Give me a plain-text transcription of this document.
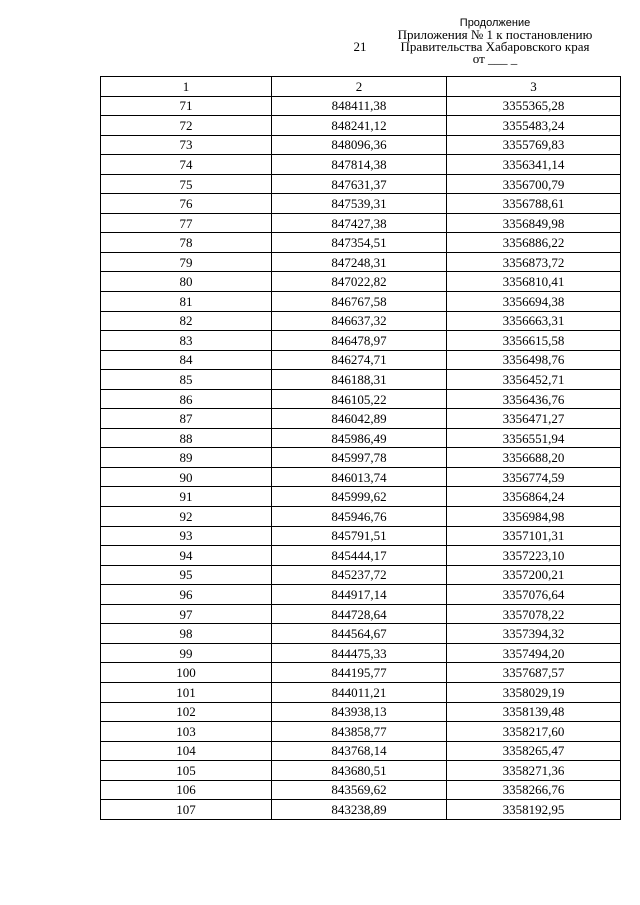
21
Продолжение
Приложения № 1 к постановлению
Правительства Хабаровского края
от ___ _
1	2	3
71	848411,38	3355365,28
72	848241,12	3355483,24
73	848096,36	3355769,83
74	847814,38	3356341,14
75	847631,37	3356700,79
76	847539,31	3356788,61
77	847427,38	3356849,98
78	847354,51	3356886,22
79	847248,31	3356873,72
80	847022,82	3356810,41
81	846767,58	3356694,38
82	846637,32	3356663,31
83	846478,97	3356615,58
84	846274,71	3356498,76
85	846188,31	3356452,71
86	846105,22	3356436,76
87	846042,89	3356471,27
88	845986,49	3356551,94
89	845997,78	3356688,20
90	846013,74	3356774,59
91	845999,62	3356864,24
92	845946,76	3356984,98
93	845791,51	3357101,31
94	845444,17	3357223,10
95	845237,72	3357200,21
96	844917,14	3357076,64
97	844728,64	3357078,22
98	844564,67	3357394,32
99	844475,33	3357494,20
100	844195,77	3357687,57
101	844011,21	3358029,19
102	843938,13	3358139,48
103	843858,77	3358217,60
104	843768,14	3358265,47
105	843680,51	3358271,36
106	843569,62	3358266,76
107	843238,89	3358192,95
